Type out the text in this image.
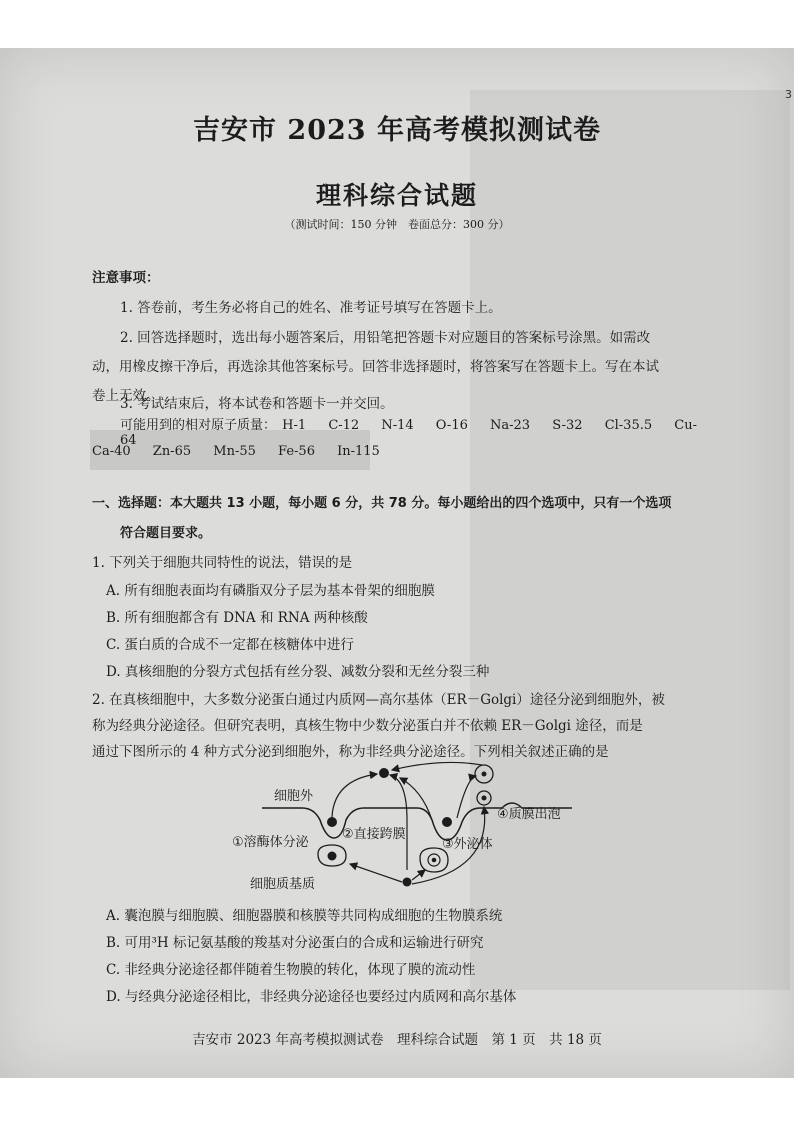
3
吉安市 2023 年高考模拟测试卷
理科综合试题
（测试时间：150 分钟　卷面总分：300 分）
注意事项：
1. 答卷前，考生务必将自己的姓名、准考证号填写在答题卡上。
2. 回答选择题时，选出每小题答案后，用铅笔把答题卡对应题目的答案标号涂黑。如需改
动，用橡皮擦干净后，再选涂其他答案标号。回答非选择题时，将答案写在答题卡上。写在本试
卷上无效。
3. 考试结束后，将本试卷和答题卡一并交回。
可能用到的相对原子质量： H-1 C-12 N-14 O-16 Na-23 S-32 Cl-35.5 Cu-64
Ca-40 Zn-65 Mn-55 Fe-56 In-115
一、选择题：本大题共 13 小题，每小题 6 分，共 78 分。每小题给出的四个选项中，只有一个选项
符合题目要求。
1. 下列关于细胞共同特性的说法，错误的是
A. 所有细胞表面均有磷脂双分子层为基本骨架的细胞膜
B. 所有细胞都含有 DNA 和 RNA 两种核酸
C. 蛋白质的合成不一定都在核糖体中进行
D. 真核细胞的分裂方式包括有丝分裂、减数分裂和无丝分裂三种
2. 在真核细胞中，大多数分泌蛋白通过内质网—高尔基体（ER－Golgi）途径分泌到细胞外，被
称为经典分泌途径。但研究表明，真核生物中少数分泌蛋白并不依赖 ER－Golgi 途径，而是
通过下图所示的 4 种方式分泌到细胞外，称为非经典分泌途径。下列相关叙述正确的是
细胞外
细胞质基质
①溶酶体分泌
②直接跨膜
③外泌体
④质膜出泡
A. 囊泡膜与细胞膜、细胞器膜和核膜等共同构成细胞的生物膜系统
B. 可用³H 标记氨基酸的羧基对分泌蛋白的合成和运输进行研究
C. 非经典分泌途径都伴随着生物膜的转化，体现了膜的流动性
D. 与经典分泌途径相比，非经典分泌途径也要经过内质网和高尔基体
吉安市 2023 年高考模拟测试卷　理科综合试题　第 1 页　共 18 页
